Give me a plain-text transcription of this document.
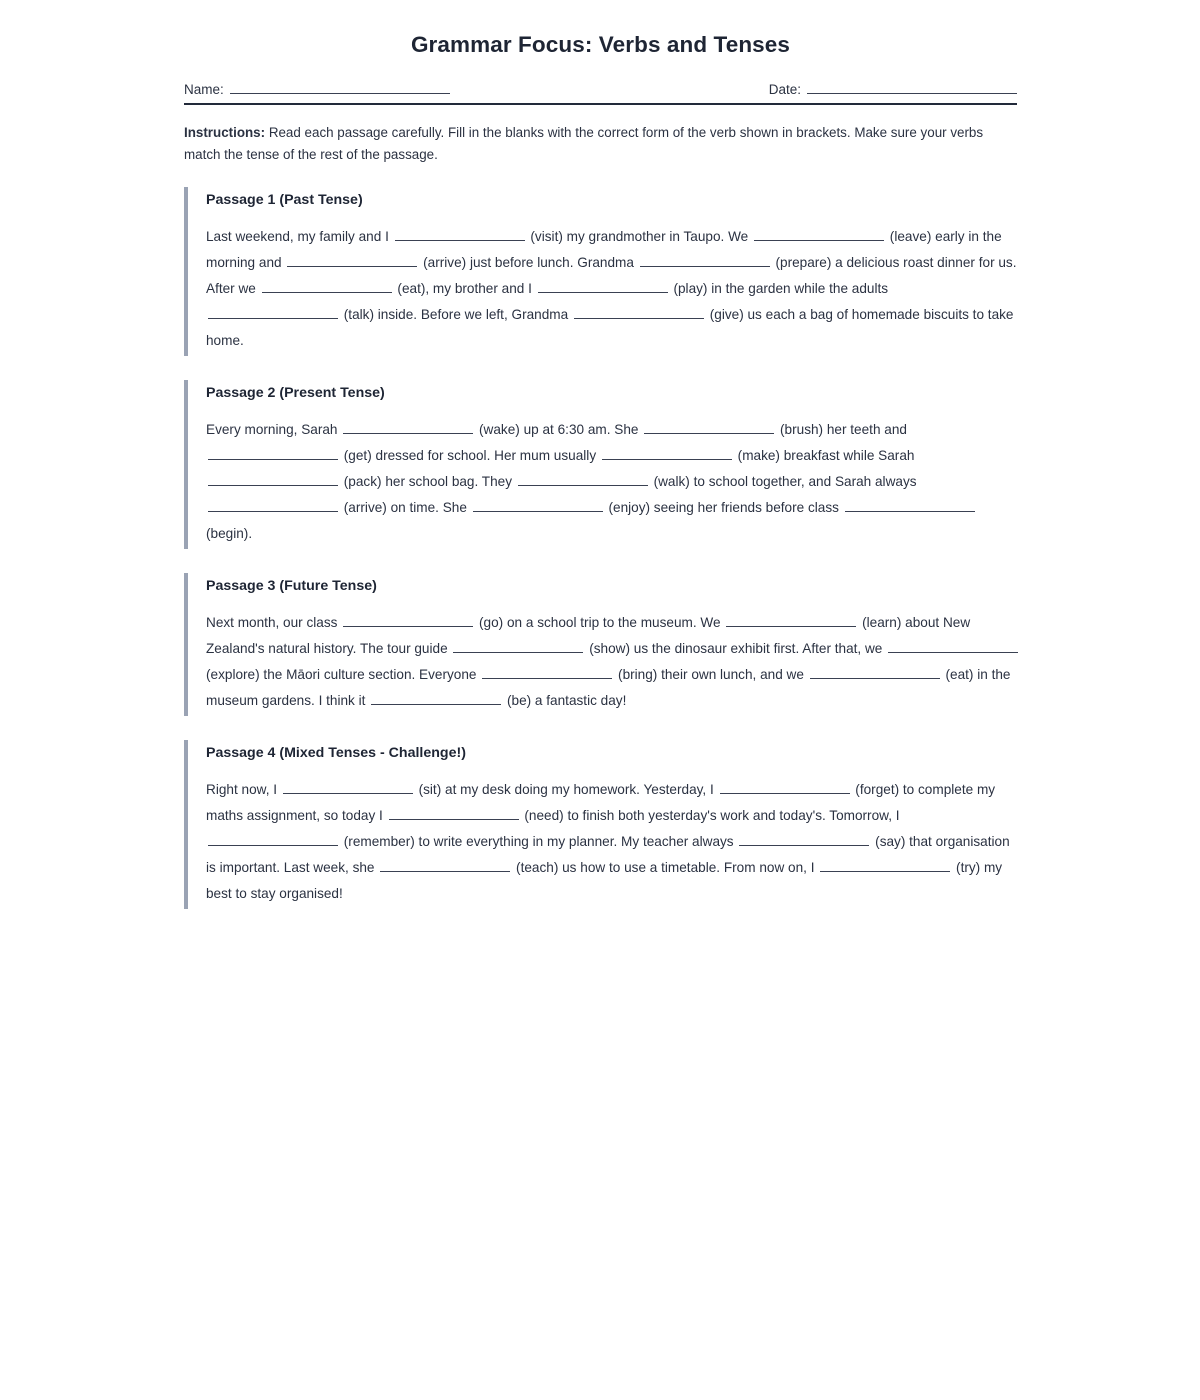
Grammar Focus: Verbs and Tenses
Name:	Date:

Instructions: Read each passage carefully. Fill in the blanks with the correct form of the verb shown in brackets. Make sure your verbs match the tense of the rest of the passage.

Passage 1 (Past Tense)

Last weekend, my family and I	(visit) my grandmother in Taupo. We	(leave) early in the morning and	(arrive) just before lunch. Grandma	(prepare) a delicious roast dinner for us. After we	(eat), my brother and I	(play) in the garden while the adults  (talk) inside. Before we left, Grandma	(give) us each a bag of homemade biscuits to take home.

Passage 2 (Present Tense)

Every morning, Sarah	(wake) up at 6:30 am. She	(brush) her teeth and  (get) dressed for school. Her mum usually	(make) breakfast while Sarah  (pack) her school bag. They	(walk) to school together, and Sarah always  (arrive) on time. She	(enjoy) seeing her friends before class  (begin).

Passage 3 (Future Tense)

Next month, our class	(go) on a school trip to the museum. We	(learn) about New Zealand's natural history. The tour guide	(show) us the dinosaur exhibit first. After that, we  (explore) the Māori culture section. Everyone	(bring) their own lunch, and we	(eat) in the museum gardens. I think it	(be) a fantastic day!

Passage 4 (Mixed Tenses - Challenge!)

Right now, I	(sit) at my desk doing my homework. Yesterday, I	(forget) to complete my maths assignment, so today I	(need) to finish both yesterday's work and today's. Tomorrow, I  (remember) to write everything in my planner. My teacher always	(say) that organisation is important. Last week, she	(teach) us how to use a timetable. From now on, I	(try) my best to stay organised!
